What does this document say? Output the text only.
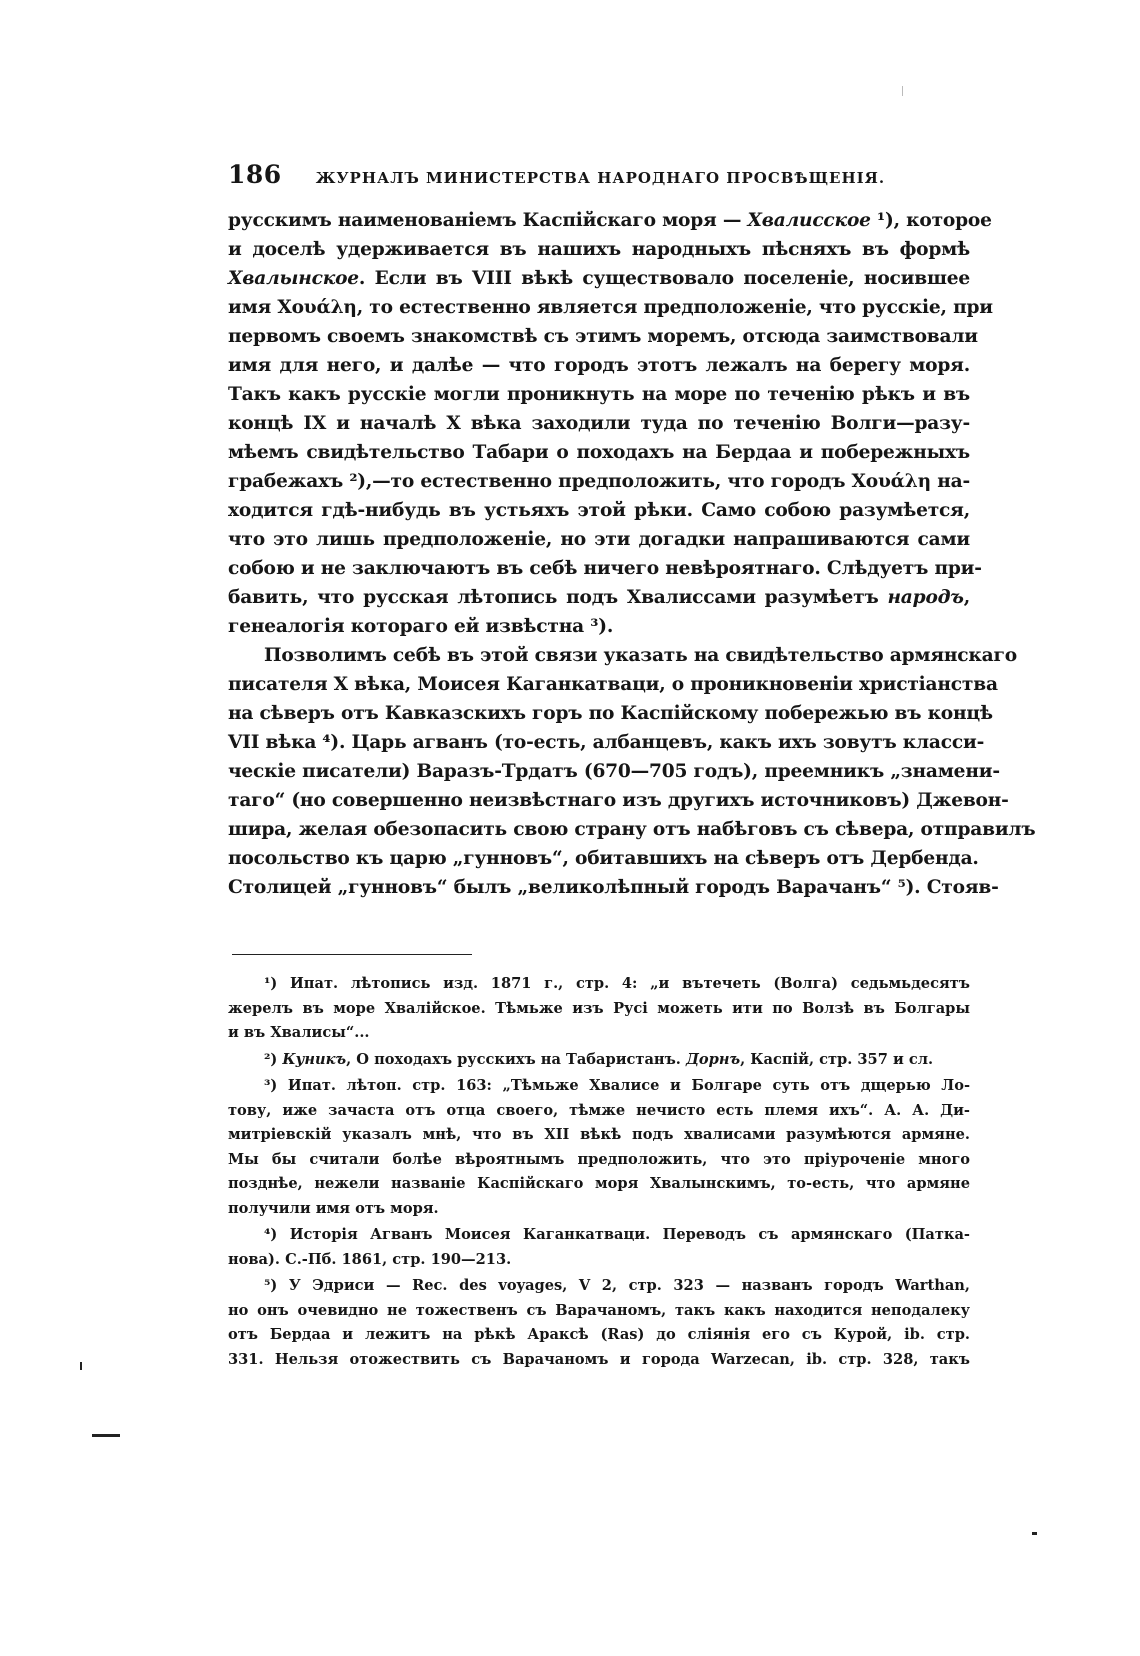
186 ЖУРНАЛЪ МИНИСТЕРСТВА НАРОДНАГО ПРОСВѢЩЕНІЯ.

русскимъ наименованіемъ Каспійскаго моря — Хвалисское ¹), которое
и доселѣ удерживается въ нашихъ народныхъ пѣсняхъ въ формѣ
Хвалынское. Если въ VIII вѣкѣ существовало поселеніе, носившее
имя Χουάλη, то естественно является предположеніе, что русскіе, при
первомъ своемъ знакомствѣ съ этимъ моремъ, отсюда заимствовали
имя для него, и далѣе — что городъ этотъ лежалъ на берегу моря.
Такъ какъ русскіе могли проникнуть на море по теченію рѣкъ и въ
концѣ IX и началѣ X вѣка заходили туда по теченію Волги—разу-
мѣемъ свидѣтельство Табари о походахъ на Бердаа и побережныхъ
грабежахъ ²),—то естественно предположить, что городъ Χουάλη на-
ходится гдѣ-нибудь въ устьяхъ этой рѣки. Само собою разумѣется,
что это лишь предположеніе, но эти догадки напрашиваются сами
собою и не заключаютъ въ себѣ ничего невѣроятнаго. Слѣдуетъ при-
бавить, что русская лѣтопись подъ Хвалиссами разумѣетъ народъ,
генеалогія котораго ей извѣстна ³).

Позволимъ себѣ въ этой связи указать на свидѣтельство армянскаго
писателя X вѣка, Моисея Каганкатваци, о проникновеніи христіанства
на сѣверъ отъ Кавказскихъ горъ по Каспійскому побережью въ концѣ
VII вѣка ⁴). Царь агванъ (то-есть, албанцевъ, какъ ихъ зовутъ класси-
ческіе писатели) Варазъ-Трдатъ (670—705 годъ), преемникъ „знамени-
таго“ (но совершенно неизвѣстнаго изъ другихъ источниковъ) Джевон-
шира, желая обезопасить свою страну отъ набѣговъ съ сѣвера, отправилъ
посольство къ царю „гунновъ“, обитавшихъ на сѣверъ отъ Дербенда.
Столицей „гунновъ“ былъ „великолѣпный городъ Варачанъ“ ⁵). Стояв-

¹) Ипат. лѣтопись изд. 1871 г., стр. 4: „и вътечеть (Волга) седьмьдесятъ
жерелъ въ море Хвалійское. Тѣмьже изъ Русі можеть ити по Волзѣ въ Болгары
и въ Хвалисы“...
²) Куникъ, О походахъ русскихъ на Табаристанъ. Дорнъ, Каспій, стр. 357 и сл.
³) Ипат. лѣтоп. стр. 163: „Тѣмьже Хвалисе и Болгаре суть отъ дщерью Ло-
тову, иже зачаста отъ отца своего, тѣмже нечисто есть племя ихъ“. А. А. Ди-
митріевскій указалъ мнѣ, что въ XII вѣкѣ подъ хвалисами разумѣются армяне.
Мы бы считали болѣе вѣроятнымъ предположить, что это пріуроченіе много
позднѣе, нежели названіе Каспійскаго моря Хвалынскимъ, то-есть, что армяне
получили имя отъ моря.
⁴) Исторія Агванъ Моисея Каганкатваци. Переводъ съ армянскаго (Патка-
нова). С.-Пб. 1861, стр. 190—213.
⁵) У Эдриси — Rec. des voyages, V 2, стр. 323 — названъ городъ Warthan,
но онъ очевидно не тожественъ съ Варачаномъ, такъ какъ находится неподалеку
отъ Бердаа и лежитъ на рѣкѣ Араксѣ (Ras) до сліянія его съ Курой, ib. стр.
331. Нельзя отожествить съ Варачаномъ и города Warzecan, ib. стр. 328, такъ
